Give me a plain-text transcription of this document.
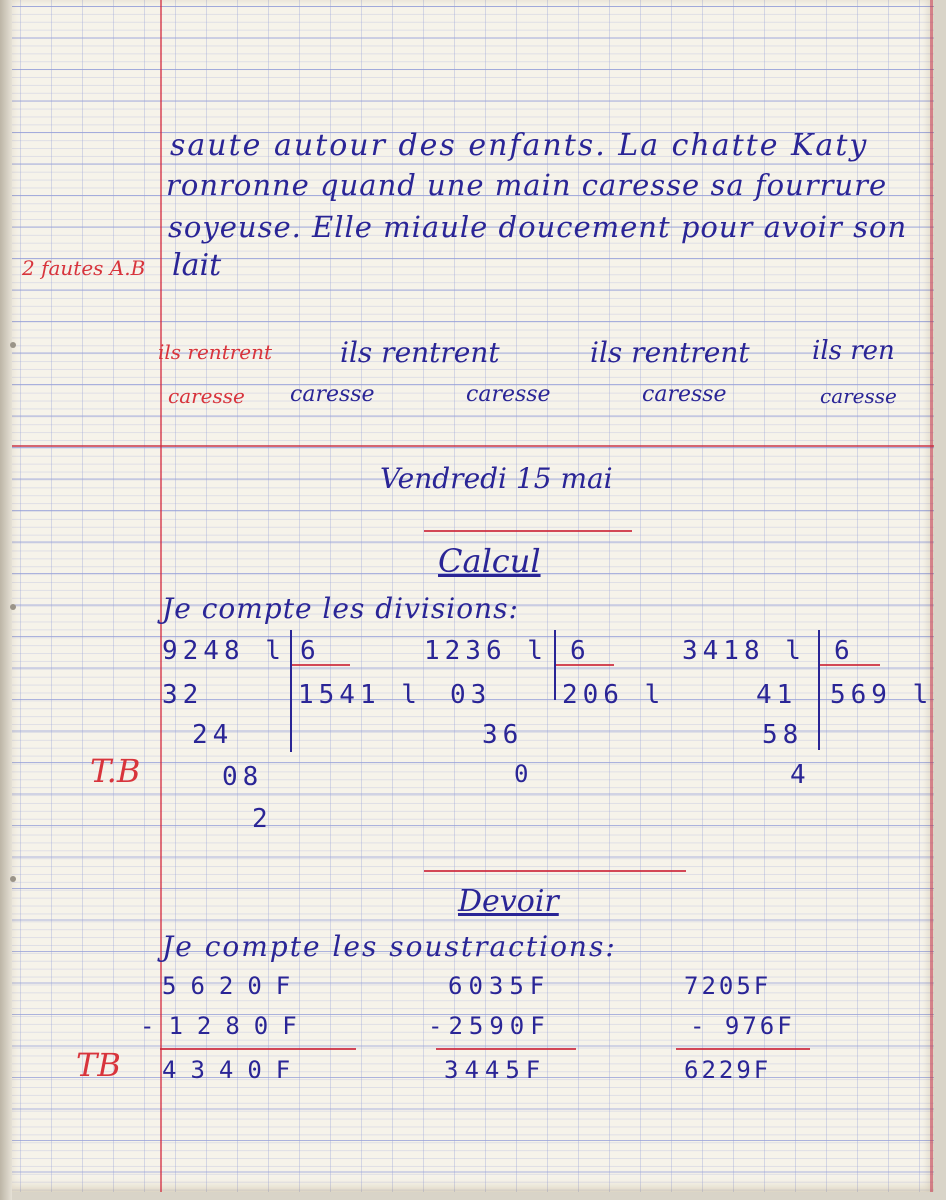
saute autour des enfants. La chatte Katy
ronronne quand une main caresse sa fourrure
soyeuse. Elle miaule doucement pour avoir son
lait
2 fautes A.B
ils rentrent ils rentrent	ils rentrent ils ren
caresse caresse	caresse	caresse	caresse
Vendredi 15 mai
Calcul
Je compte les divisions:
9248 l 6
1541 l
32
24
08
2
1236 l 6
206 l
03
36
0
3418 l 6
569 l
41
58
4
T.B
Devoir
Je compte les soustractions:
5620F
-1280F
4340F
6035F
-2590F
3445F
7205F
- 976F
6229F
TB
